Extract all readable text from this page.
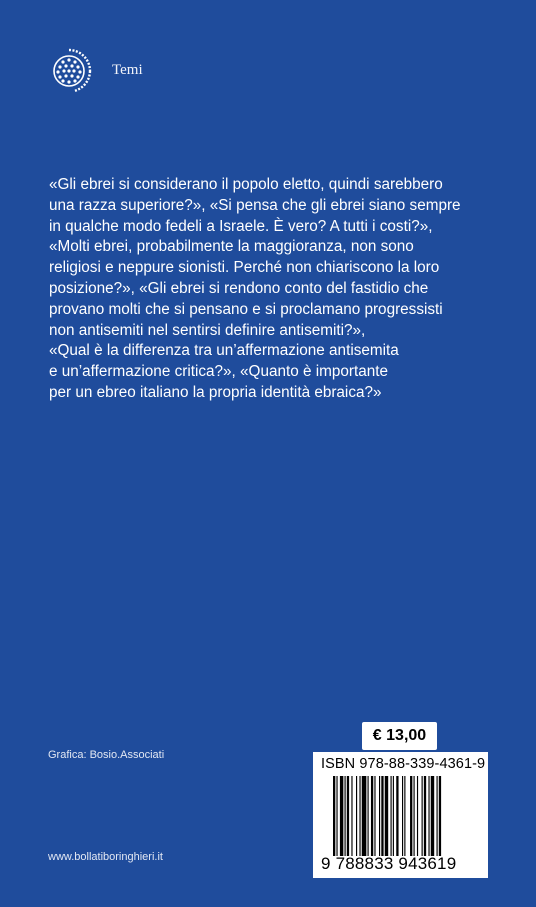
Temi
«Gli ebrei si considerano il popolo eletto, quindi sarebbero
una razza superiore?», «Si pensa che gli ebrei siano sempre
in qualche modo fedeli a Israele. È vero? A tutti i costi?»,
«Molti ebrei, probabilmente la maggioranza, non sono
religiosi e neppure sionisti. Perché non chiariscono la loro
posizione?», «Gli ebrei si rendono conto del fastidio che
provano molti che si pensano e si proclamano progressisti
non antisemiti nel sentirsi definire antisemiti?»,
«Qual è la differenza tra un’affermazione antisemita
e un’affermazione critica?», «Quanto è importante
per un ebreo italiano la propria identità ebraica?»
Grafica: Bosio.Associati
www.bollatiboringhieri.it
€ 13,00
ISBN 978-88-339-4361-9
9 788833 943619
